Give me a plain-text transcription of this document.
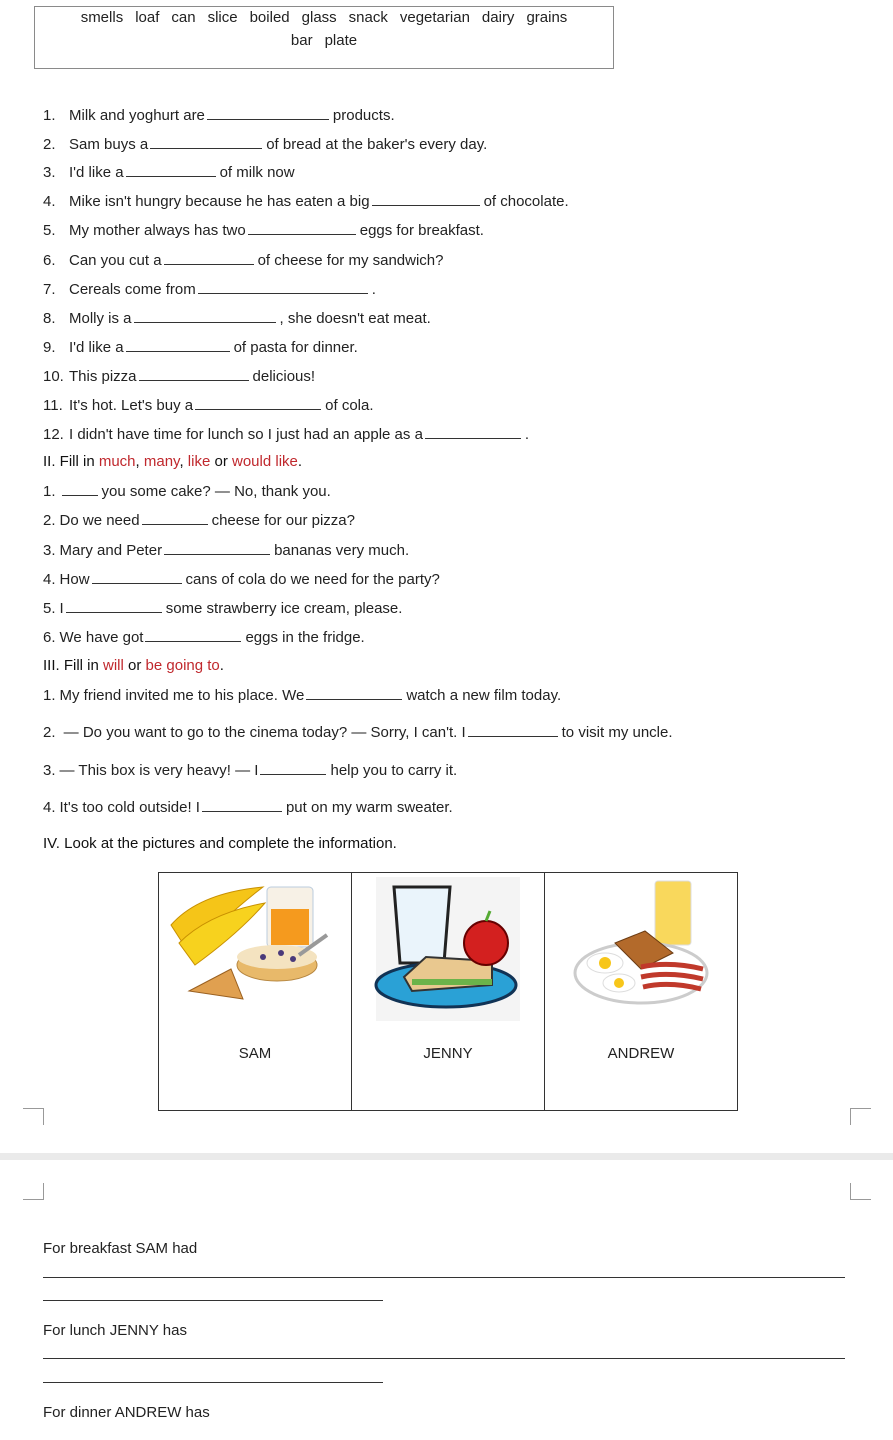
smells loaf can slice boiled glass snack vegetarian dairy grains
bar plate
1. Milk and yoghurt are	products.
2. Sam buys a	of bread at the baker's every day.
3. I'd like a	of milk now
4. Mike isn't hungry because he has eaten a big	of chocolate.
5. My mother always has two	eggs for breakfast.
6. Can you cut a	of cheese for my sandwich?
7. Cereals come from	.
8. Molly is a	, she doesn't eat meat.
9. I'd like a	of pasta for dinner.
10. This pizza	delicious!
11. It's hot. Let's buy a	of cola.
12. I didn't have time for lunch so I just had an apple as a	.
1.	you some cake? — No, thank you.
2. Do we need	cheese for our pizza?
3. Mary and Peter	bananas very much.
4. How	cans of cola do we need for the party?
5. I	some strawberry ice cream, please.
6. We have got	eggs in the fridge.
1. My friend invited me to his place. We	watch a new film today.
2. — Do you want to go to the cinema today? — Sorry, I can't. I	to visit my uncle.
3. — This box is very heavy! — I	help you to carry it.
4. It's too cold outside! I	put on my warm sweater.
II. Fill in much, many, like or would like.
III. Fill in will or be going to.
IV. Look at the pictures and complete the information.
SAM	JENNY	ANDREW
For breakfast SAM had
For lunch JENNY has
For dinner ANDREW has
